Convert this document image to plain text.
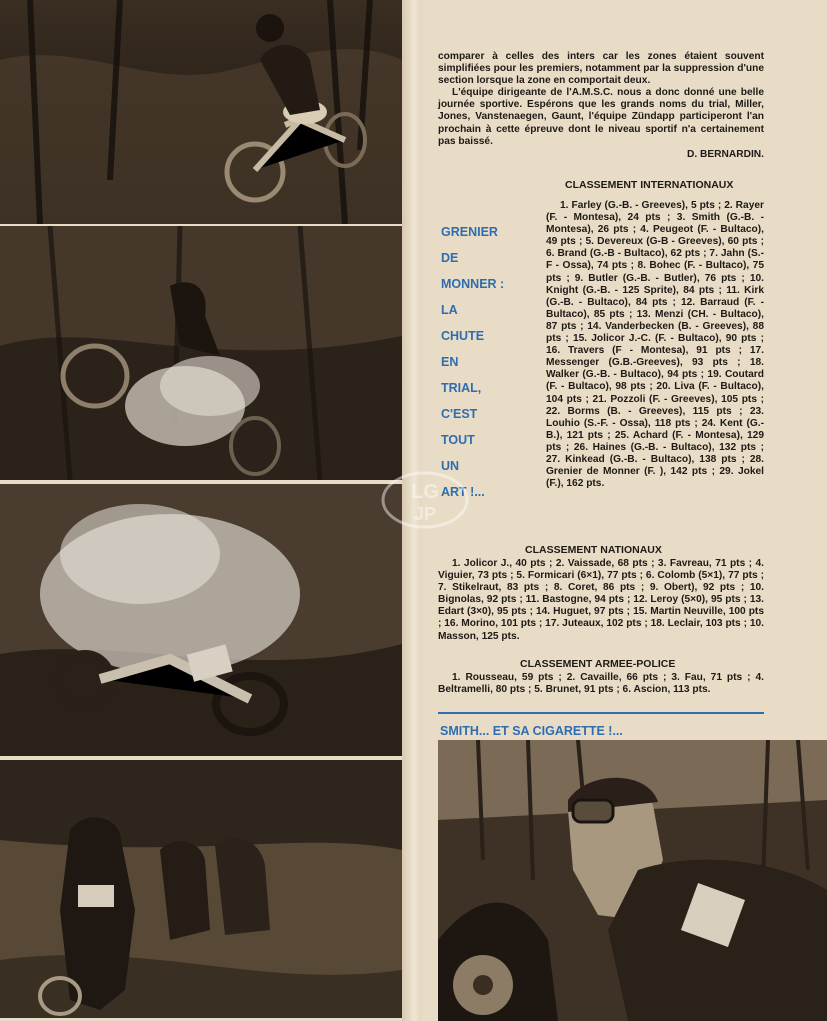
comparer à celles des inters car les zones étaient souvent simplifiées pour les premiers, notamment par la suppression d'une section lorsque la zone en comportait deux.

L'équipe dirigeante de l'A.M.S.C. nous a donc donné une belle journée sportive. Espérons que les grands noms du trial, Miller, Jones, Vanstenaegen, Gaunt, l'équipe Zündapp participeront l'an prochain à cette épreuve dont le niveau sportif n'a certainement pas baissé.

D. BERNARDIN.
GRENIER
DE
MONNER :
LA
CHUTE
EN
TRIAL,
C'EST
TOUT
UN
ART !...
CLASSEMENT INTERNATIONAUX
1. Farley (G.-B. - Greeves), 5 pts ; 2. Rayer (F. - Montesa), 24 pts ; 3. Smith (G.-B. - Montesa), 26 pts ; 4. Peugeot (F. - Bultaco), 49 pts ; 5. Devereux (G-B - Greeves), 60 pts ; 6. Brand (G.-B - Bultaco), 62 pts ; 7. Jahn (S.-F - Ossa), 74 pts ; 8. Bohec (F. - Bultaco), 75 pts ; 9. Butler (G.-B. - Butler), 76 pts ; 10. Knight (G.-B. - 125 Sprite), 84 pts ; 11. Kirk (G.-B. - Bultaco), 84 pts ; 12. Barraud (F. - Bultaco), 85 pts ; 13. Menzi (CH. - Bultaco), 87 pts ; 14. Vanderbecken (B. - Greeves), 88 pts ; 15. Jolicor J.-C. (F. - Bultaco), 90 pts ; 16. Travers (F - Montesa), 91 pts ; 17. Messenger (G.B.-Greeves), 93 pts ; 18. Walker (G.-B. - Bultaco), 94 pts ; 19. Coutard (F. - Bultaco), 98 pts ; 20. Liva (F. - Bultaco), 104 pts ; 21. Pozzoli (F. - Greeves), 105 pts ; 22. Borms (B. - Greeves), 115 pts ; 23. Louhio (S.-F. - Ossa), 118 pts ; 24. Kent (G.-B.), 121 pts ; 25. Achard (F. - Montesa), 129 pts ; 26. Haines (G.-B. - Bultaco), 132 pts ; 27. Kinkead (G.-B. - Bultaco), 138 pts ; 28. Grenier de Monner (F. ), 142 pts ; 29. Jokel (F.), 162 pts.
CLASSEMENT NATIONAUX
1. Jolicor J., 40 pts ; 2. Vaissade, 68 pts ; 3. Favreau, 71 pts ; 4. Viguier, 73 pts ; 5. Formicari (6×1), 77 pts ; 6. Colomb (5×1), 77 pts ; 7. Stikelraut, 83 pts ; 8. Coret, 86 pts ; 9. Obert), 92 pts ; 10. Bignolas, 92 pts ; 11. Bastogne, 94 pts ; 12. Leroy (5×0), 95 pts ; 13. Edart (3×0), 95 pts ; 14. Huguet, 97 pts ; 15. Martin Neuville, 100 pts ; 16. Morino, 101 pts ; 17. Juteaux, 102 pts ; 18. Leclair, 103 pts ; 10. Masson, 125 pts.
CLASSEMENT ARMEE-POLICE
1. Rousseau, 59 pts ; 2. Cavaille, 66 pts ; 3. Fau, 71 pts ; 4. Beltramelli, 80 pts ; 5. Brunet, 91 pts ; 6. Ascion, 113 pts.
SMITH... ET SA CIGARETTE !...
LG
JP
